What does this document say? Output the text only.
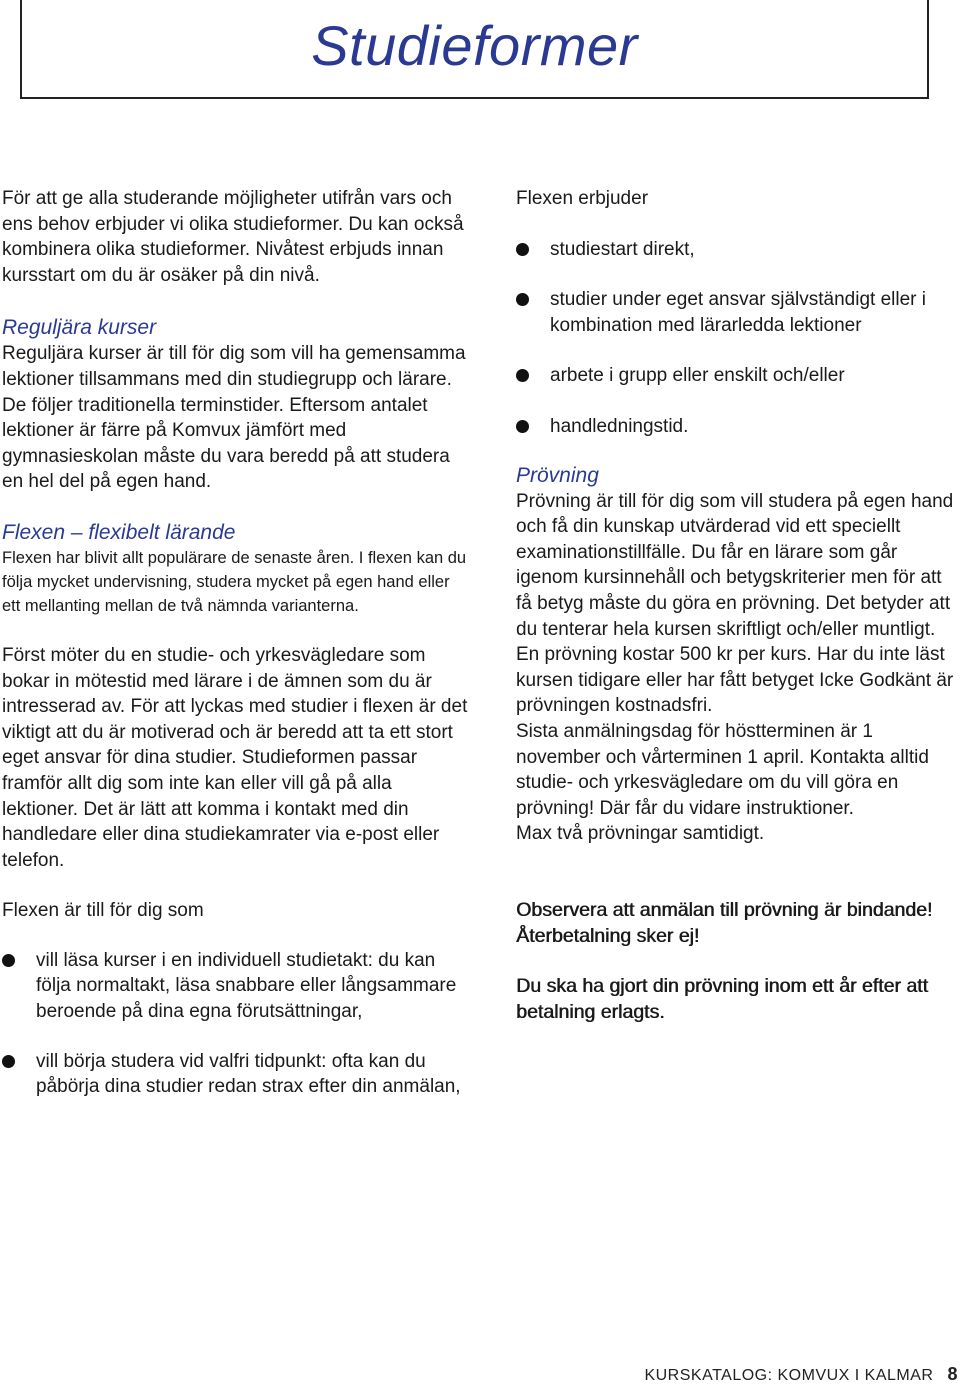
Studieformer

För att ge alla studerande möjligheter utifrån vars och ens behov erbjuder vi olika studieformer. Du kan också kombinera olika studieformer. Nivåtest erbjuds innan kursstart om du är osäker på din nivå.

Reguljära kurser

Reguljära kurser är till för dig som vill ha gemensamma lektioner tillsammans med din studiegrupp och lärare. De följer traditionella terminstider. Eftersom antalet lektioner är färre på Komvux jämfört med gymnasieskolan måste du vara beredd på att studera en hel del på egen hand.

Flexen – flexibelt lärande

Flexen har blivit allt populärare de senaste åren. I flexen kan du följa mycket undervisning, studera mycket på egen hand eller ett mellanting mellan de två nämnda varianterna.

Först möter du en studie- och yrkesvägledare som bokar in mötestid med lärare i de ämnen som du är intresserad av. För att lyckas med studier i flexen är det viktigt att du är motiverad och är beredd att ta ett stort eget ansvar för dina studier. Studieformen passar framför allt dig som inte kan eller vill gå på alla lektioner. Det är lätt att komma i kontakt med din handledare eller dina studiekamrater via e-post eller telefon.

Flexen är till för dig som

vill läsa kurser i en individuell studietakt: du kan följa normaltakt, läsa snabbare eller långsammare beroende på dina egna förutsättningar,
vill börja studera vid valfri tidpunkt: ofta kan du påbörja dina studier redan strax efter din anmälan,

Flexen erbjuder

studiestart direkt,
studier under eget ansvar självständigt eller i kombination med lärarledda lektioner
arbete i grupp eller enskilt och/eller
handledningstid.
Prövning

Prövning är till för dig som vill studera på egen hand och få din kunskap utvärderad vid ett speciellt examinationstillfälle. Du får en lärare som går igenom kursinnehåll och betygskriterier men för att få betyg måste du göra en prövning. Det betyder att du tenterar hela kursen skriftligt och/eller muntligt.

En prövning kostar 500 kr per kurs. Har du inte läst kursen tidigare eller har fått betyget Icke Godkänt är prövningen kostnadsfri.

Sista anmälningsdag för höstterminen är 1 november och vårterminen 1 april. Kontakta alltid studie- och yrkesvägledare om du vill göra en prövning! Där får du vidare instruktioner.

Max två prövningar samtidigt.

Observera att anmälan till prövning är bindande! Återbetalning sker ej!

Du ska ha gjort din prövning inom ett år efter att betalning erlagts.

KURSKATALOG: KOMVUX I KALMAR 8
